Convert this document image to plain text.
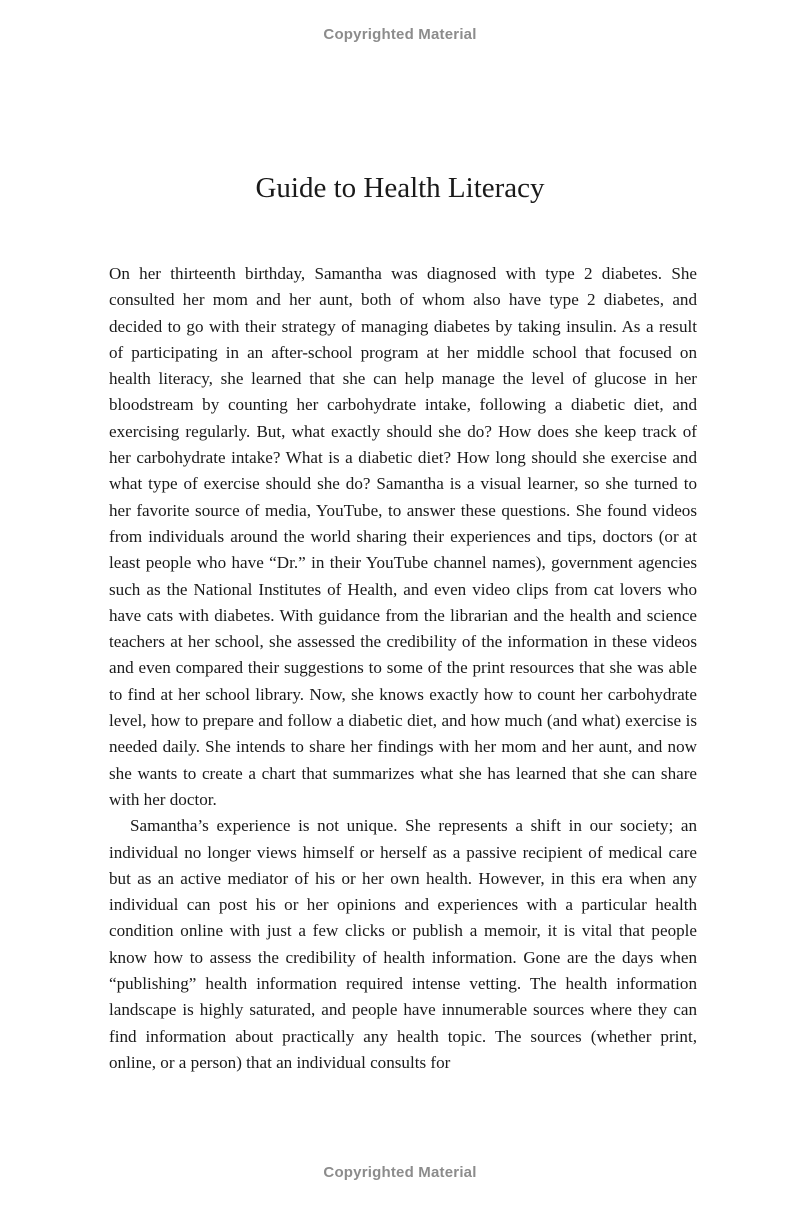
Copyrighted Material
Guide to Health Literacy

On her thirteenth birthday, Samantha was diagnosed with type 2 diabetes. She consulted her mom and her aunt, both of whom also have type 2 diabetes, and decided to go with their strategy of managing diabetes by taking insulin. As a result of participating in an after-school program at her middle school that focused on health literacy, she learned that she can help manage the level of glucose in her bloodstream by counting her carbohydrate intake, following a diabetic diet, and exercising regularly. But, what exactly should she do? How does she keep track of her carbohydrate intake? What is a diabetic diet? How long should she exercise and what type of exercise should she do? Samantha is a visual learner, so she turned to her favorite source of media, YouTube, to answer these questions. She found videos from individuals around the world sharing their experiences and tips, doctors (or at least people who have “Dr.” in their YouTube channel names), government agencies such as the National Institutes of Health, and even video clips from cat lovers who have cats with diabetes. With guidance from the librarian and the health and science teachers at her school, she assessed the credibility of the information in these videos and even compared their suggestions to some of the print resources that she was able to find at her school library. Now, she knows exactly how to count her carbohydrate level, how to prepare and follow a diabetic diet, and how much (and what) exercise is needed daily. She intends to share her findings with her mom and her aunt, and now she wants to create a chart that summarizes what she has learned that she can share with her doctor.

Samantha’s experience is not unique. She represents a shift in our society; an individual no longer views himself or herself as a passive recipient of medical care but as an active mediator of his or her own health. However, in this era when any individual can post his or her opinions and experiences with a particular health condition online with just a few clicks or publish a memoir, it is vital that people know how to assess the credibility of health information. Gone are the days when “publishing” health information required intense vetting. The health information landscape is highly saturated, and people have innumerable sources where they can find information about practically any health topic. The sources (whether print, online, or a person) that an individual consults for

Copyrighted Material
